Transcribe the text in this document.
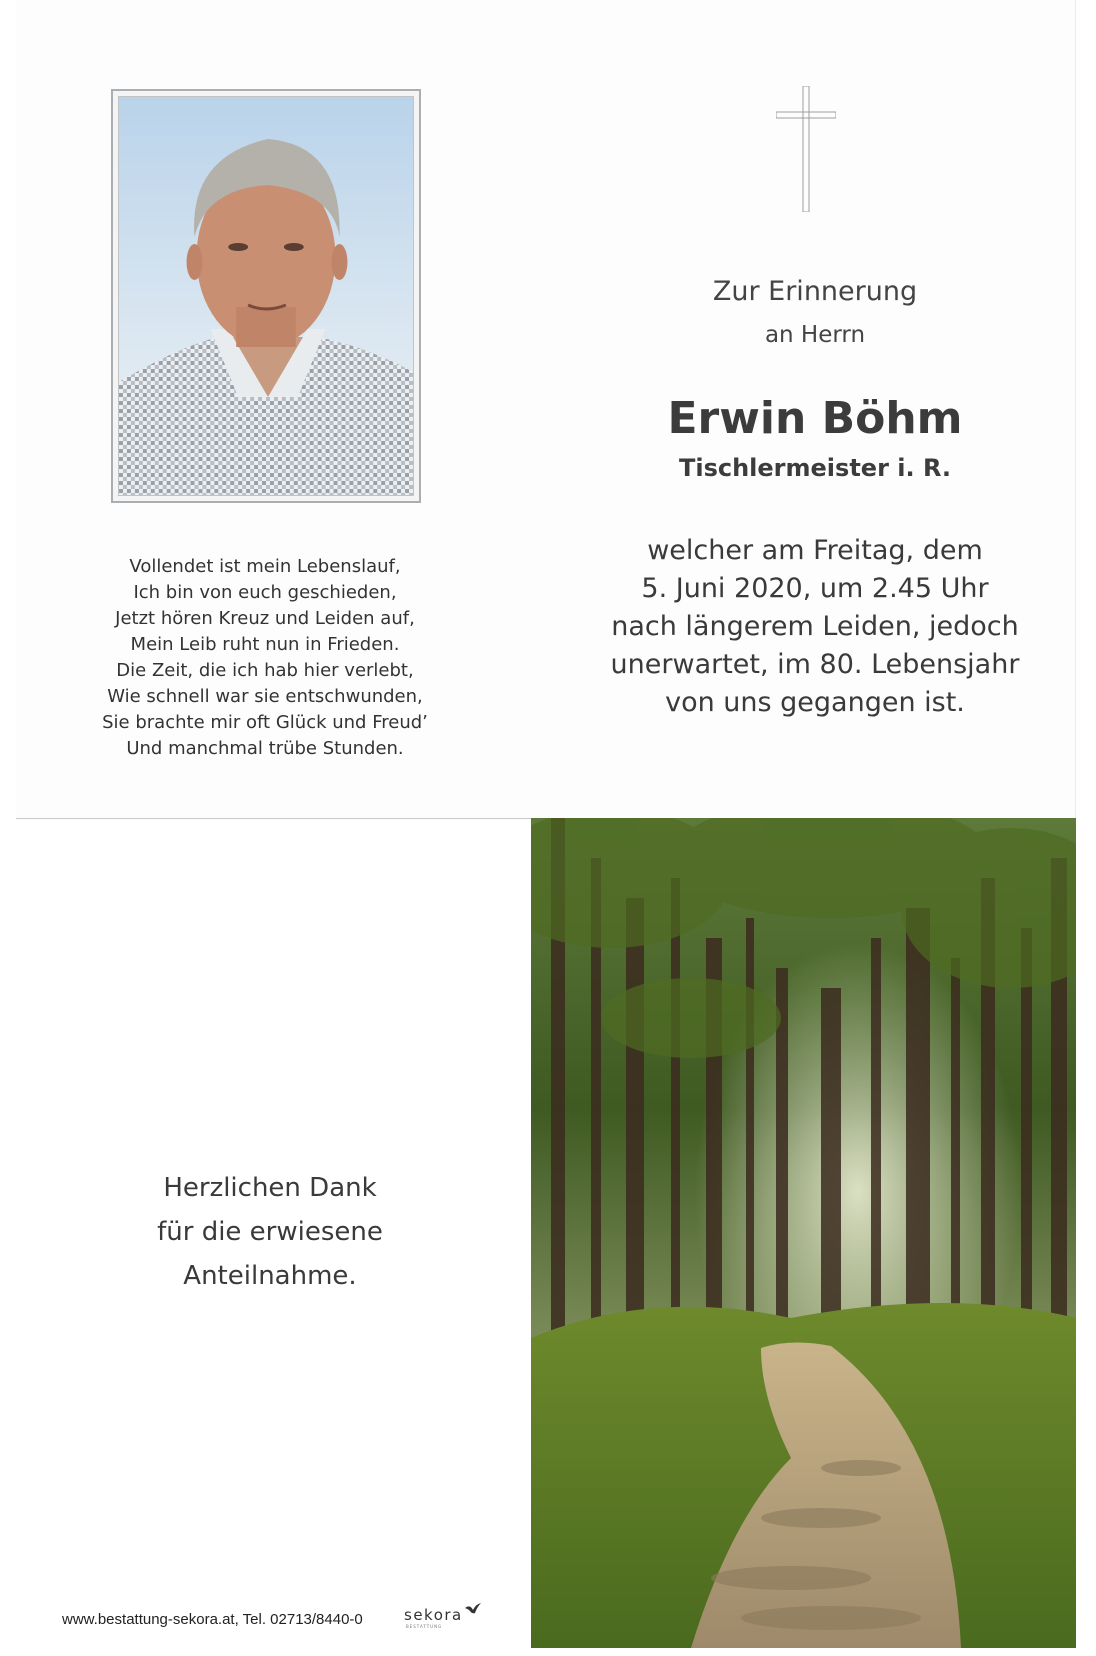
Zur Erinnerung
an Herrn
Erwin Böhm
Tischlermeister i. R.
welcher am Freitag, dem
5. Juni 2020, um 2.45 Uhr
nach längerem Leiden, jedoch
unerwartet, im 80. Lebensjahr
von uns gegangen ist.
Vollendet ist mein Lebenslauf,
Ich bin von euch geschieden,
Jetzt hören Kreuz und Leiden auf,
Mein Leib ruht nun in Frieden.
Die Zeit, die ich hab hier verlebt,
Wie schnell war sie entschwunden,
Sie brachte mir oft Glück und Freud’
Und manchmal trübe Stunden.
Herzlichen Dank
für die erwiesene
Anteilnahme.
www.bestattung-sekora.at, Tel. 02713/8440-0	sekora
BESTATTUNG
